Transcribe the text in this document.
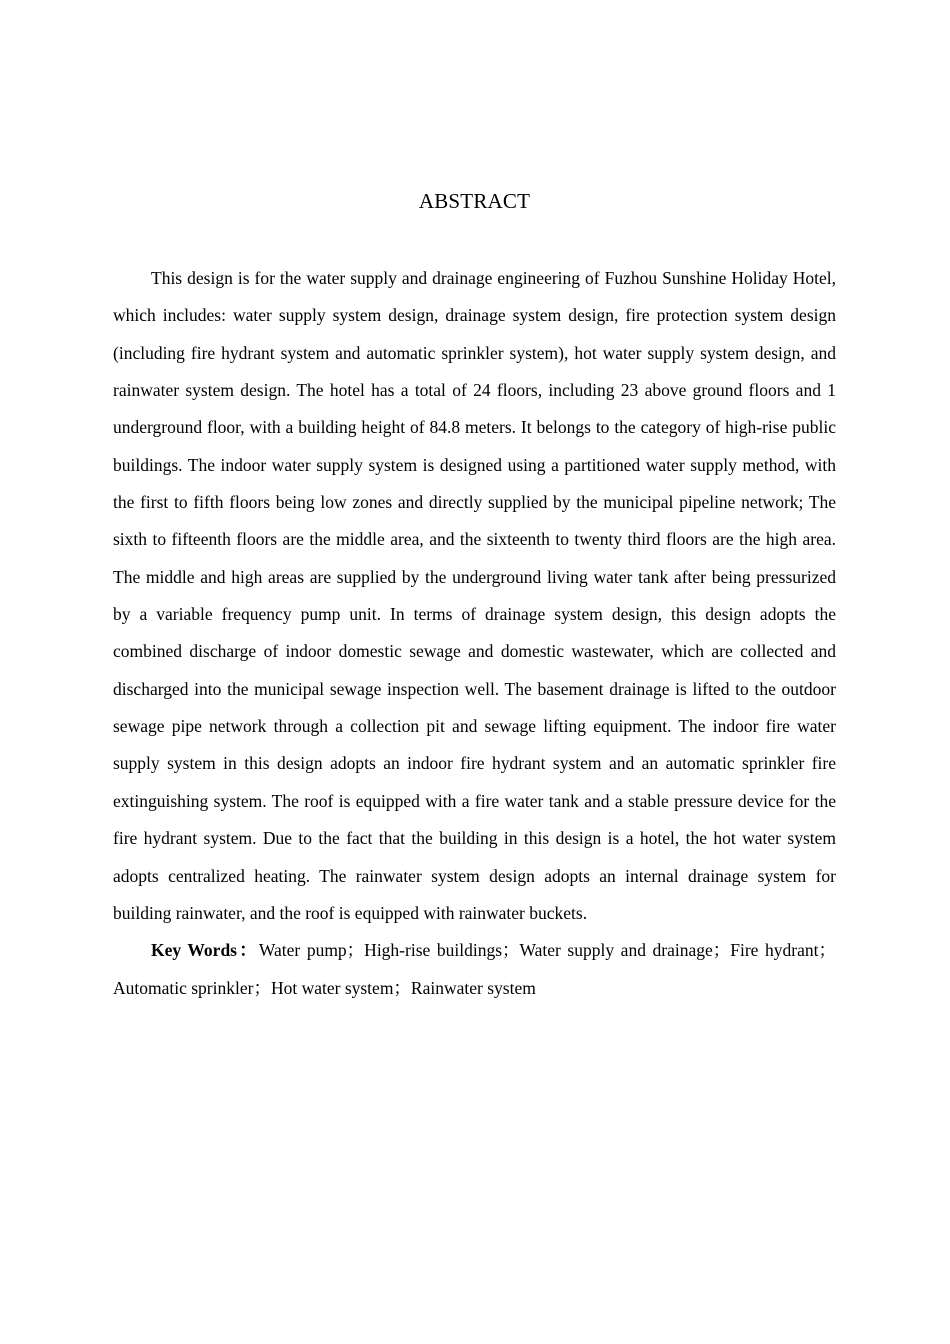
ABSTRACT

This design is for the water supply and drainage engineering of Fuzhou Sunshine Holiday Hotel, which includes: water supply system design, drainage system design, fire protection system design (including fire hydrant system and automatic sprinkler system), hot water supply system design, and rainwater system design. The hotel has a total of 24 floors, including 23 above ground floors and 1 underground floor, with a building height of 84.8 meters. It belongs to the category of high-rise public buildings. The indoor water supply system is designed using a partitioned water supply method, with the first to fifth floors being low zones and directly supplied by the municipal pipeline network; The sixth to fifteenth floors are the middle area, and the sixteenth to twenty third floors are the high area. The middle and high areas are supplied by the underground living water tank after being pressurized by a variable frequency pump unit. In terms of drainage system design, this design adopts the combined discharge of indoor domestic sewage and domestic wastewater, which are collected and discharged into the municipal sewage inspection well. The basement drainage is lifted to the outdoor sewage pipe network through a collection pit and sewage lifting equipment. The indoor fire water supply system in this design adopts an indoor fire hydrant system and an automatic sprinkler fire extinguishing system. The roof is equipped with a fire water tank and a stable pressure device for the fire hydrant system. Due to the fact that the building in this design is a hotel, the hot water system adopts centralized heating. The rainwater system design adopts an internal drainage system for building rainwater, and the roof is equipped with rainwater buckets.

Key Words：Water pump；High-rise buildings；Water supply and drainage；Fire hydrant；Automatic sprinkler；Hot water system；Rainwater system
